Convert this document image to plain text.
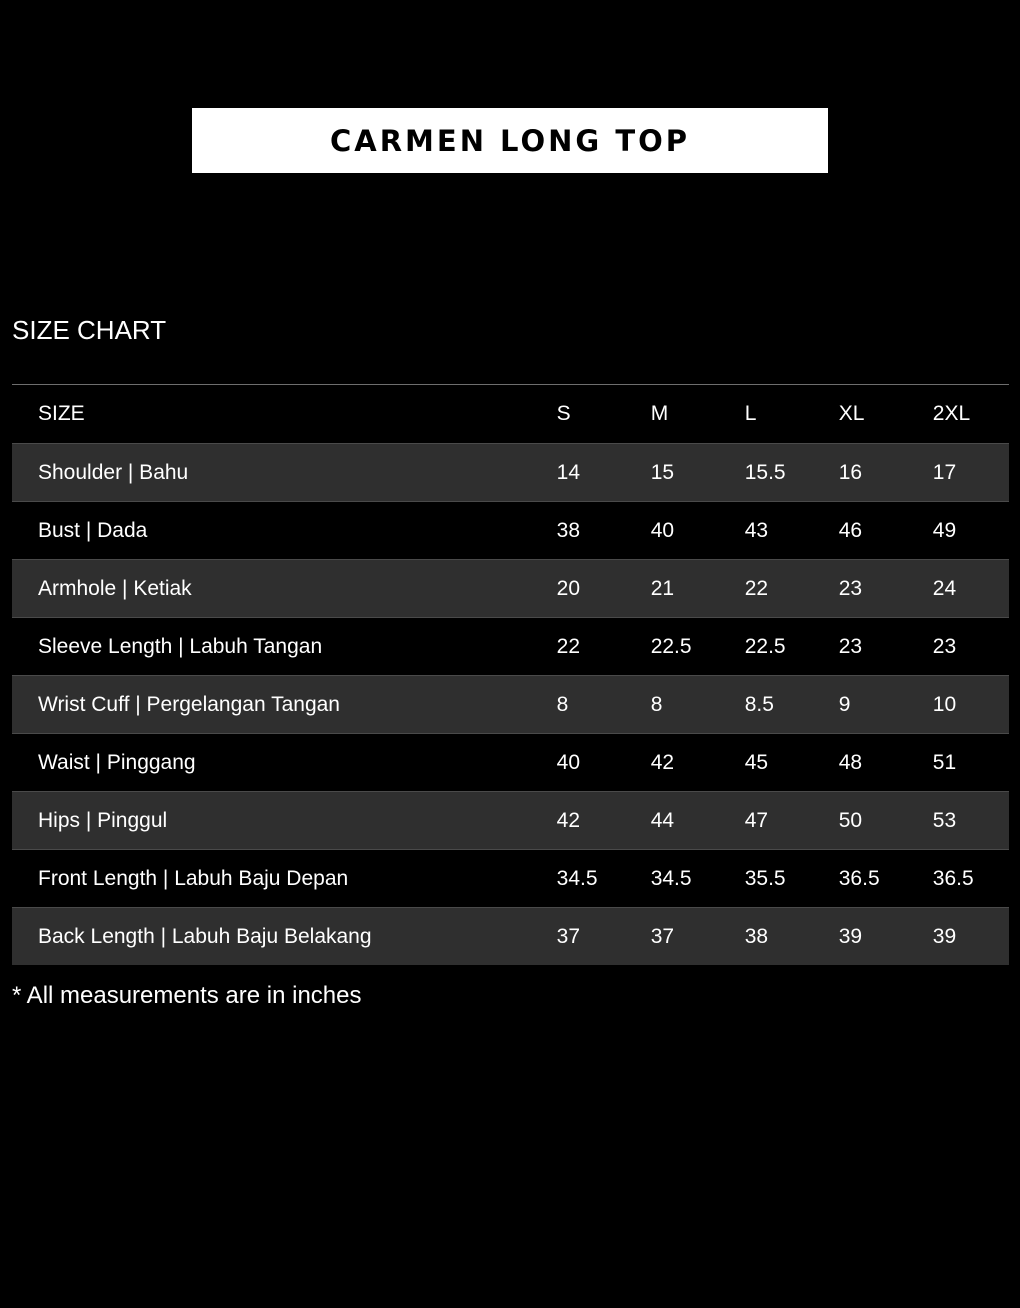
CARMEN LONG TOP
SIZE CHART
SIZE	S	M	L	XL	2XL
Shoulder | Bahu	14	15	15.5	16	17
Bust | Dada	38	40	43	46	49
Armhole | Ketiak	20	21	22	23	24
Sleeve Length | Labuh Tangan	22	22.5	22.5	23	23
Wrist Cuff | Pergelangan Tangan	8	8	8.5	9	10
Waist | Pinggang	40	42	45	48	51
Hips | Pinggul	42	44	47	50	53
Front Length | Labuh Baju Depan	34.5	34.5	35.5	36.5	36.5
Back Length | Labuh Baju Belakang	37	37	38	39	39
* All measurements are in inches
